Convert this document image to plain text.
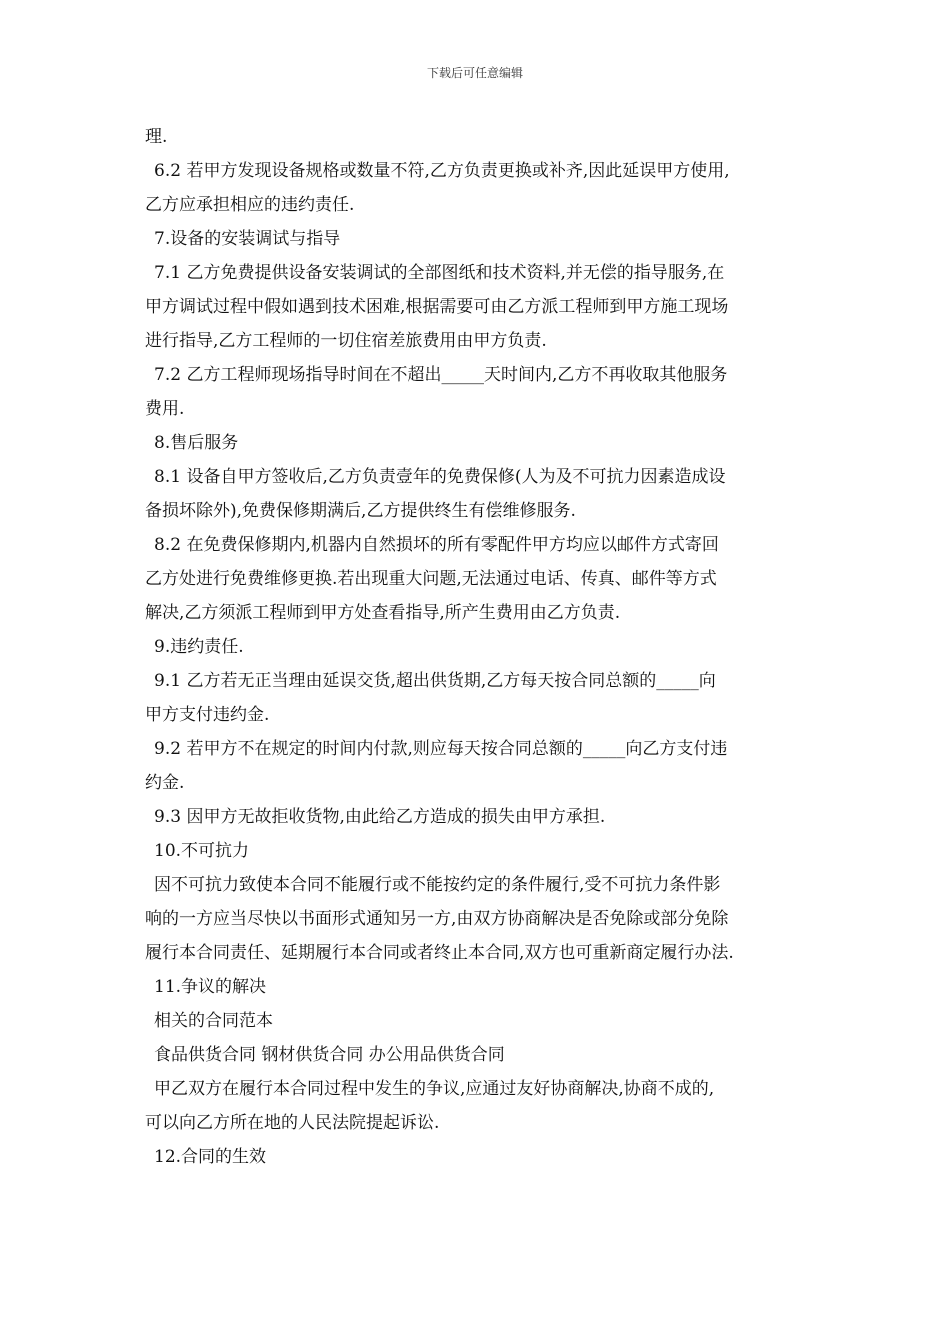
下载后可任意编辑
理.
6.2 若甲方发现设备规格或数量不符,乙方负责更换或补齐,因此延误甲方使用,
乙方应承担相应的违约责任.
7.设备的安装调试与指导
7.1 乙方免费提供设备安装调试的全部图纸和技术资料,并无偿的指导服务,在
甲方调试过程中假如遇到技术困难,根据需要可由乙方派工程师到甲方施工现场
进行指导,乙方工程师的一切住宿差旅费用由甲方负责.
7.2 乙方工程师现场指导时间在不超出_____天时间内,乙方不再收取其他服务
费用.
8.售后服务
8.1 设备自甲方签收后,乙方负责壹年的免费保修(人为及不可抗力因素造成设
备损坏除外),免费保修期满后,乙方提供终生有偿维修服务.
8.2 在免费保修期内,机器内自然损坏的所有零配件甲方均应以邮件方式寄回
乙方处进行免费维修更换.若出现重大问题,无法通过电话、传真、邮件等方式
解决,乙方须派工程师到甲方处查看指导,所产生费用由乙方负责.
9.违约责任.
9.1 乙方若无正当理由延误交货,超出供货期,乙方每天按合同总额的_____向
甲方支付违约金.
9.2 若甲方不在规定的时间内付款,则应每天按合同总额的_____向乙方支付违
约金.
9.3 因甲方无故拒收货物,由此给乙方造成的损失由甲方承担.
10.不可抗力
因不可抗力致使本合同不能履行或不能按约定的条件履行,受不可抗力条件影
响的一方应当尽快以书面形式通知另一方,由双方协商解决是否免除或部分免除
履行本合同责任、延期履行本合同或者终止本合同,双方也可重新商定履行办法.
11.争议的解决
相关的合同范本
食品供货合同 钢材供货合同 办公用品供货合同
甲乙双方在履行本合同过程中发生的争议,应通过友好协商解决,协商不成的,
可以向乙方所在地的人民法院提起诉讼.
12.合同的生效
